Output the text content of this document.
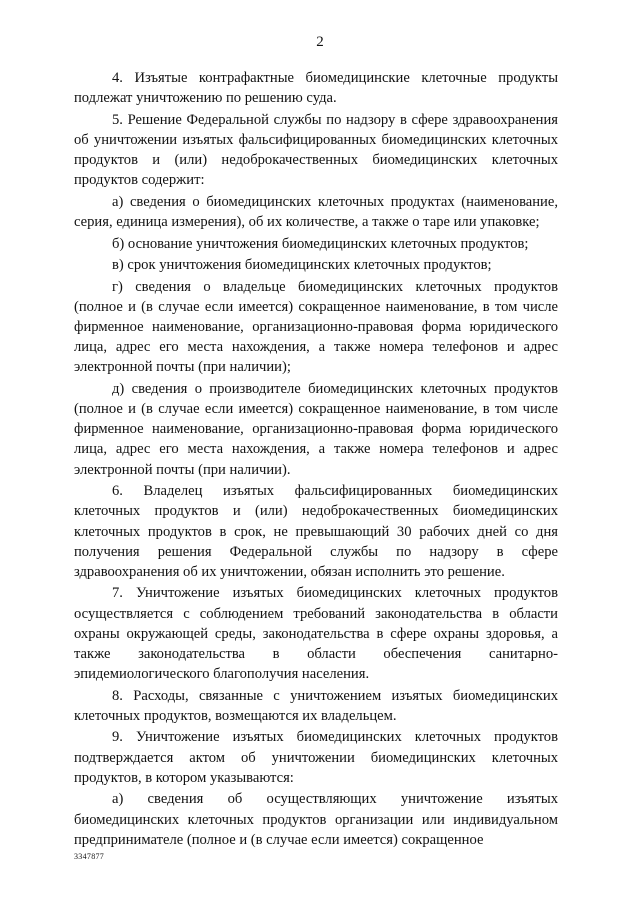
2

4. Изъятые контрафактные биомедицинские клеточные продукты подлежат уничтожению по решению суда.

5. Решение Федеральной службы по надзору в сфере здравоохранения об уничтожении изъятых фальсифицированных биомедицинских клеточных продуктов и (или) недоброкачественных биомедицинских клеточных продуктов содержит:

а) сведения о биомедицинских клеточных продуктах (наименование, серия, единица измерения), об их количестве, а также о таре или упаковке;

б) основание уничтожения биомедицинских клеточных продуктов;

в) срок уничтожения биомедицинских клеточных продуктов;

г) сведения о владельце биомедицинских клеточных продуктов (полное и (в случае если имеется) сокращенное наименование, в том числе фирменное наименование, организационно-правовая форма юридического лица, адрес его места нахождения, а также номера телефонов и адрес электронной почты (при наличии);

д) сведения о производителе биомедицинских клеточных продуктов (полное и (в случае если имеется) сокращенное наименование, в том числе фирменное наименование, организационно-правовая форма юридического лица, адрес его места нахождения, а также номера телефонов и адрес электронной почты (при наличии).

6. Владелец изъятых фальсифицированных биомедицинских клеточных продуктов и (или) недоброкачественных биомедицинских клеточных продуктов в срок, не превышающий 30 рабочих дней со дня получения решения Федеральной службы по надзору в сфере здравоохранения об их уничтожении, обязан исполнить это решение.

7. Уничтожение изъятых биомедицинских клеточных продуктов осуществляется с соблюдением требований законодательства в области охраны окружающей среды, законодательства в сфере охраны здоровья, а также законодательства в области обеспечения санитарно-эпидемиологического благополучия населения.

8. Расходы, связанные с уничтожением изъятых биомедицинских клеточных продуктов, возмещаются их владельцем.

9. Уничтожение изъятых биомедицинских клеточных продуктов подтверждается актом об уничтожении биомедицинских клеточных продуктов, в котором указываются:

а) сведения об осуществляющих уничтожение изъятых биомедицинских клеточных продуктов организации или индивидуальном предпринимателе (полное и (в случае если имеется) сокращенное

3347877
